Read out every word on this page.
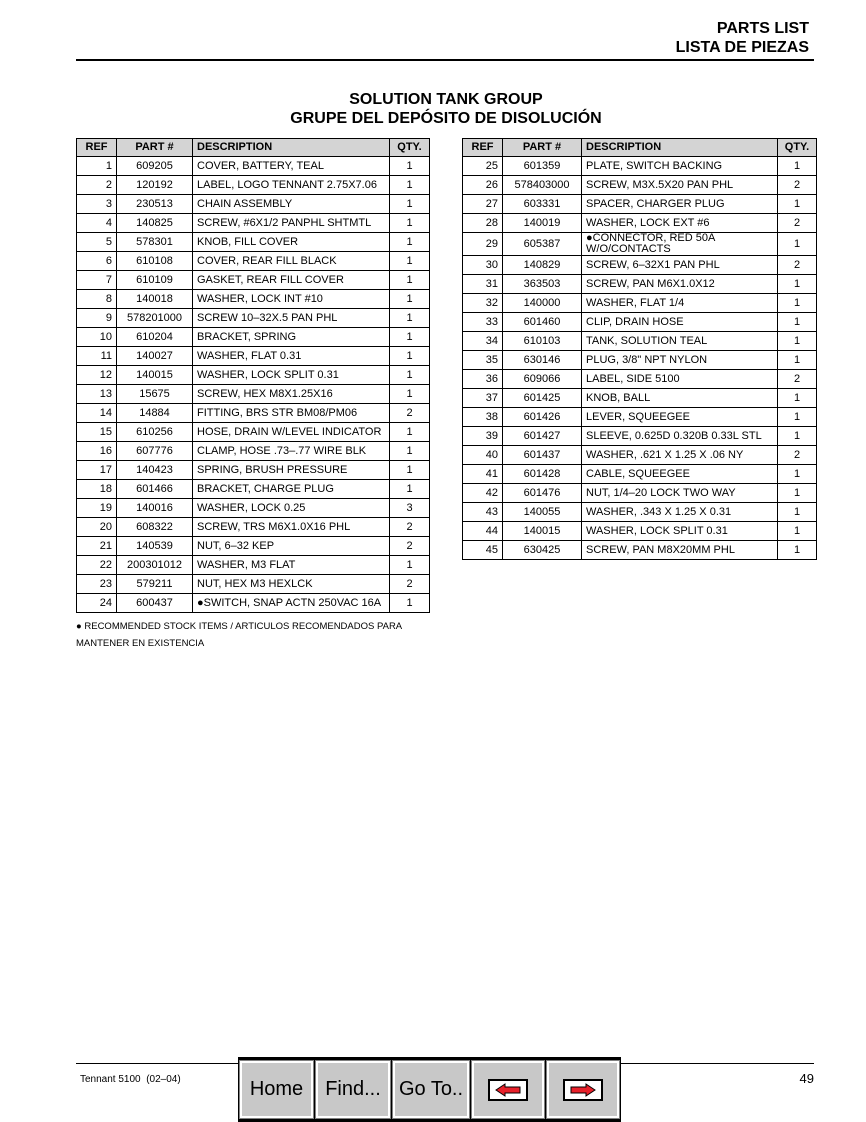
PARTS LIST
LISTA DE PIEZAS
SOLUTION TANK GROUP
GRUPE DEL DEPÓSITO DE DISOLUCIÓN
REF	PART #	DESCRIPTION	QTY.
1	609205	COVER, BATTERY, TEAL	1
2	120192	LABEL, LOGO TENNANT 2.75X7.06	1
3	230513	CHAIN ASSEMBLY	1
4	140825	SCREW, #6X1/2 PANPHL SHTMTL	1
5	578301	KNOB, FILL COVER	1
6	610108	COVER, REAR FILL BLACK	1
7	610109	GASKET, REAR FILL COVER	1
8	140018	WASHER, LOCK INT #10	1
9	578201000	SCREW 10–32X.5 PAN PHL	1
10	610204	BRACKET, SPRING	1
11	140027	WASHER, FLAT 0.31	1
12	140015	WASHER, LOCK SPLIT 0.31	1
13	15675	SCREW, HEX M8X1.25X16	1
14	14884	FITTING, BRS STR BM08/PM06	2
15	610256	HOSE, DRAIN W/LEVEL INDICATOR	1
16	607776	CLAMP, HOSE .73–.77 WIRE BLK	1
17	140423	SPRING, BRUSH PRESSURE	1
18	601466	BRACKET, CHARGE PLUG	1
19	140016	WASHER, LOCK 0.25	3
20	608322	SCREW, TRS M6X1.0X16 PHL	2
21	140539	NUT, 6–32 KEP	2
22	200301012	WASHER, M3 FLAT	1
23	579211	NUT, HEX M3 HEXLCK	2
24	600437	●SWITCH, SNAP ACTN 250VAC 16A	1
REF	PART #	DESCRIPTION	QTY.
25	601359	PLATE, SWITCH BACKING	1
26	578403000	SCREW, M3X.5X20 PAN PHL	2
27	603331	SPACER, CHARGER PLUG	1
28	140019	WASHER, LOCK EXT #6	2
29	605387	●CONNECTOR, RED 50A W/O/CONTACTS	1
30	140829	SCREW, 6–32X1 PAN PHL	2
31	363503	SCREW, PAN M6X1.0X12	1
32	140000	WASHER, FLAT 1/4	1
33	601460	CLIP, DRAIN HOSE	1
34	610103	TANK, SOLUTION TEAL	1
35	630146	PLUG, 3/8" NPT NYLON	1
36	609066	LABEL, SIDE 5100	2
37	601425	KNOB, BALL	1
38	601426	LEVER, SQUEEGEE	1
39	601427	SLEEVE, 0.625D 0.320B 0.33L STL	1
40	601437	WASHER, .621 X 1.25 X .06 NY	2
41	601428	CABLE, SQUEEGEE	1
42	601476	NUT, 1/4–20 LOCK TWO WAY	1
43	140055	WASHER, .343 X 1.25 X 0.31	1
44	140015	WASHER, LOCK SPLIT 0.31	1
45	630425	SCREW, PAN M8X20MM PHL	1
● RECOMMENDED STOCK ITEMS / ARTICULOS RECOMENDADOS PARA MANTENER EN EXISTENCIA
Tennant 5100 (02–04)	49
Home	Find... Go To..
